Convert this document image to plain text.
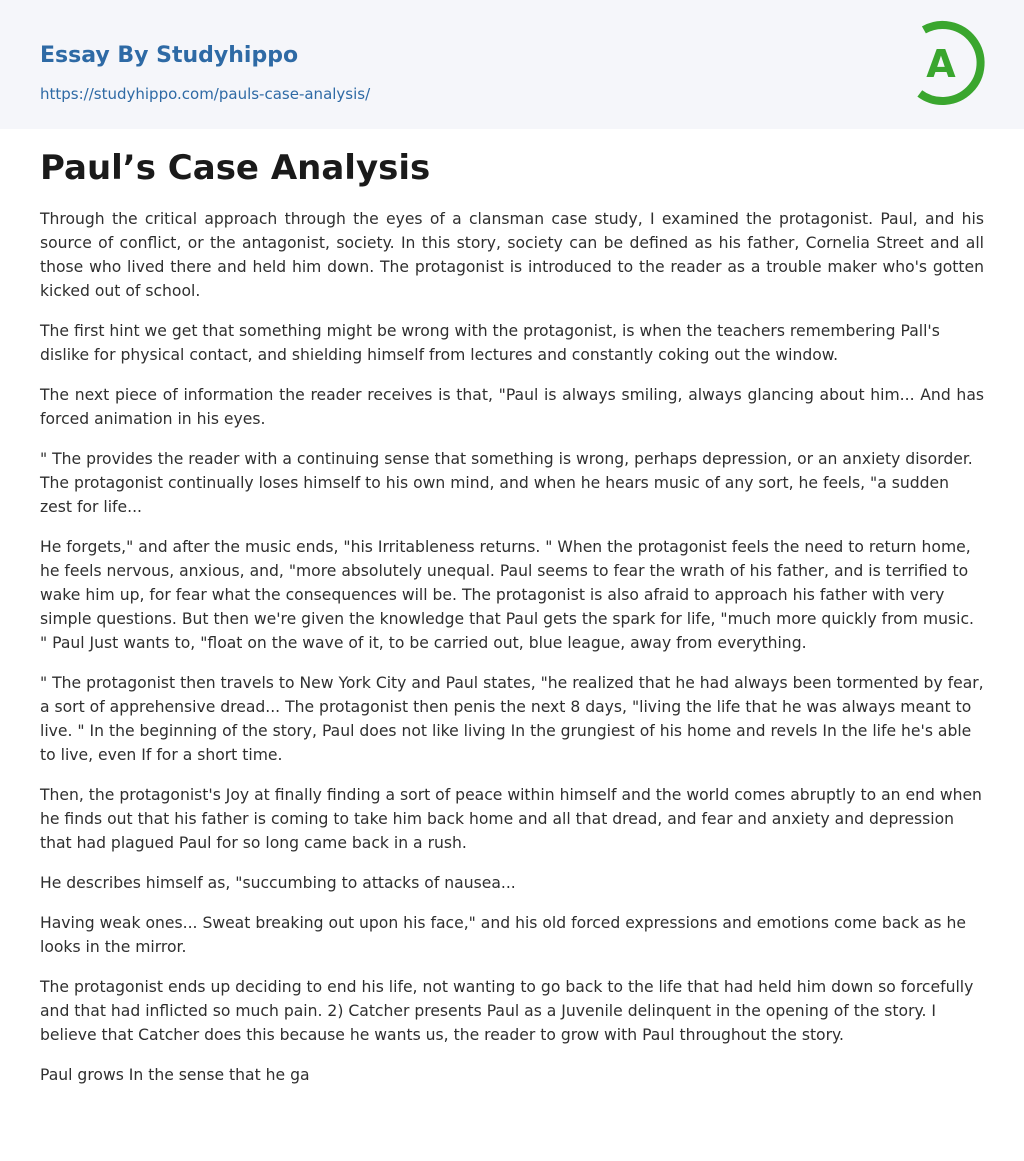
Essay By Studyhippo
https://studyhippo.com/pauls-case-analysis/
A
Paul’s Case Analysis

Through the critical approach through the eyes of a clansman case study, I examined the protagonist. Paul, and his source of conflict, or the antagonist, society. In this story, society can be defined as his father, Cornelia Street and all those who lived there and held him down. The protagonist is introduced to the reader as a trouble maker who's gotten kicked out of school.

The first hint we get that something might be wrong with the protagonist, is when the teachers remembering Pall's dislike for physical contact, and shielding himself from lectures and constantly coking out the window.

The next piece of information the reader receives is that, "Paul is always smiling, always glancing about him... And has forced animation in his eyes.

" The provides the reader with a continuing sense that something is wrong, perhaps depression, or an anxiety disorder. The protagonist continually loses himself to his own mind, and when he hears music of any sort, he feels, "a sudden zest for life...

He forgets," and after the music ends, "his Irritableness returns. " When the protagonist feels the need to return home, he feels nervous, anxious, and, "more absolutely unequal. Paul seems to fear the wrath of his father, and is terrified to wake him up, for fear what the consequences will be. The protagonist is also afraid to approach his father with very simple questions. But then we're given the knowledge that Paul gets the spark for life, "much more quickly from music. " Paul Just wants to, "float on the wave of it, to be carried out, blue league, away from everything.

" The protagonist then travels to New York City and Paul states, "he realized that he had always been tormented by fear, a sort of apprehensive dread... The protagonist then penis the next 8 days, "living the life that he was always meant to live. " In the beginning of the story, Paul does not like living In the grungiest of his home and revels In the life he's able to live, even If for a short time.

Then, the protagonist's Joy at finally finding a sort of peace within himself and the world comes abruptly to an end when he finds out that his father is coming to take him back home and all that dread, and fear and anxiety and depression that had plagued Paul for so long came back in a rush.

He describes himself as, "succumbing to attacks of nausea...

Having weak ones... Sweat breaking out upon his face," and his old forced expressions and emotions come back as he looks in the mirror.

The protagonist ends up deciding to end his life, not wanting to go back to the life that had held him down so forcefully and that had inflicted so much pain. 2) Catcher presents Paul as a Juvenile delinquent in the opening of the story. I believe that Catcher does this because he wants us, the reader to grow with Paul throughout the story.

Paul grows In the sense that he ga
